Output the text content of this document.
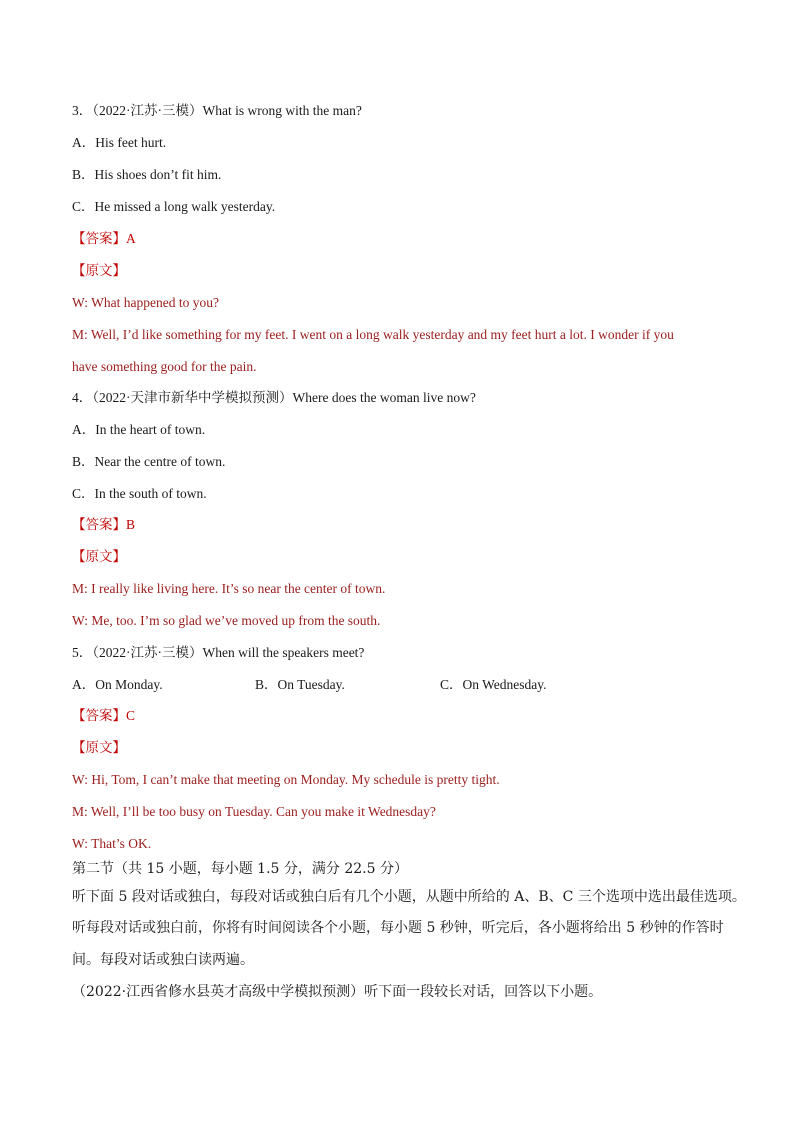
3．（2022·江苏·三模）What is wrong with the man?
A．His feet hurt.
B．His shoes don’t fit him.
C．He missed a long walk yesterday.
【答案】A
【原文】
W: What happened to you?
M: Well, I’d like something for my feet. I went on a long walk yesterday and my feet hurt a lot. I wonder if you
have something good for the pain.
4．（2022·天津市新华中学模拟预测）Where does the woman live now?
A．In the heart of town.
B．Near the centre of town.
C．In the south of town.
【答案】B
【原文】
M: I really like living here. It’s so near the center of town.
W: Me, too. I’m so glad we’ve moved up from the south.
5．（2022·江苏·三模）When will the speakers meet?
A．On Monday.	B．On Tuesday.	C．On Wednesday.
【答案】C
【原文】
W: Hi, Tom, I can’t make that meeting on Monday. My schedule is pretty tight.
M: Well, I’ll be too busy on Tuesday. Can you make it Wednesday?
W: That’s OK.
第二节（共 15 小题，每小题 1.5 分，满分 22.5 分）
听下面 5 段对话或独白，每段对话或独白后有几个小题，从题中所给的 A、B、C 三个选项中选出最佳选项。
听每段对话或独白前，你将有时间阅读各个小题，每小题 5 秒钟，听完后，各小题将给出 5 秒钟的作答时
间。每段对话或独白读两遍。
（2022·江西省修水县英才高级中学模拟预测）听下面一段较长对话，回答以下小题。
